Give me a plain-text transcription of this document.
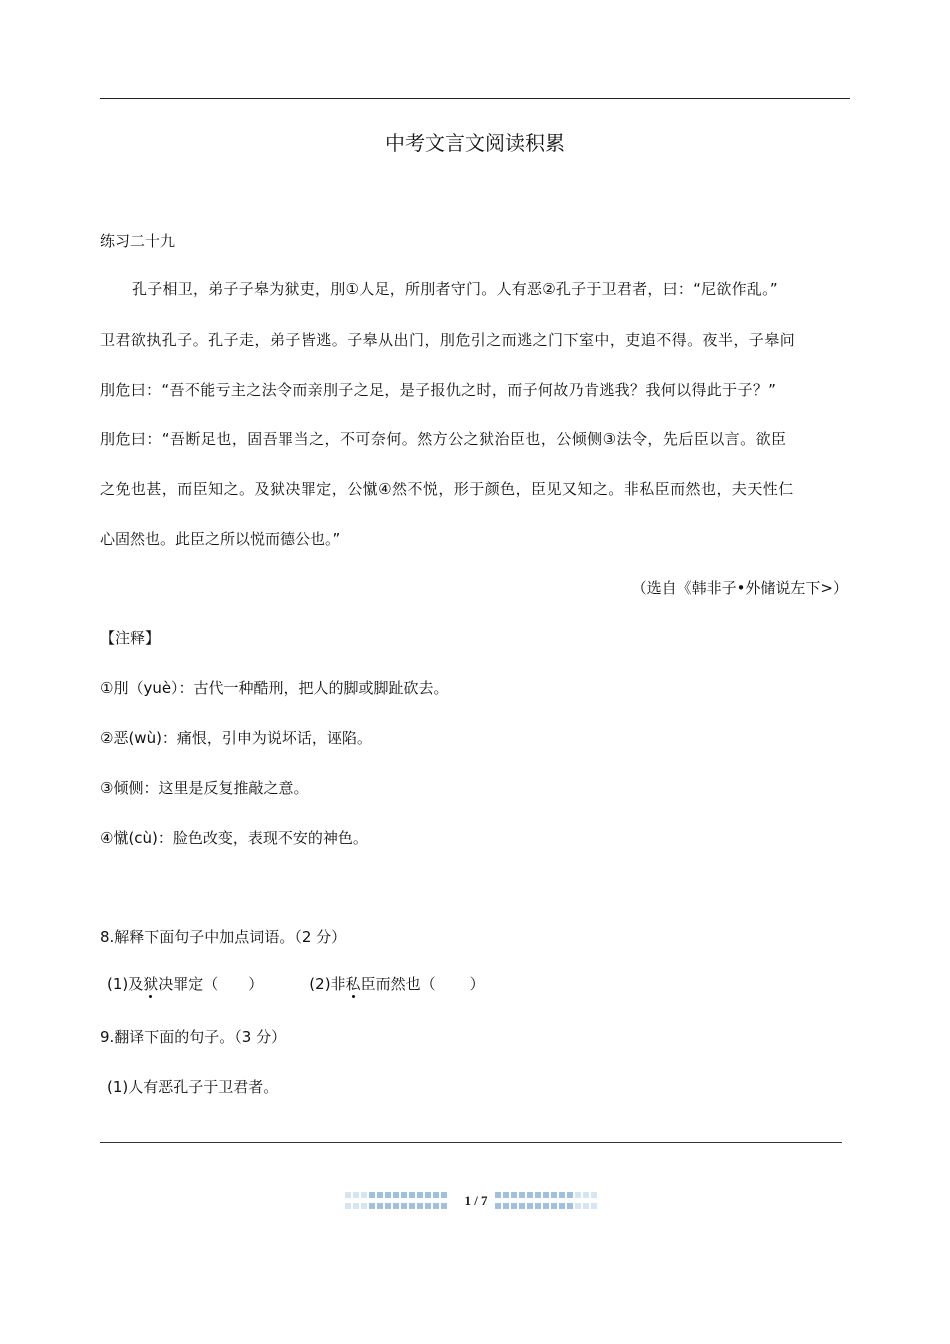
中考文言文阅读积累
练习二十九
孔子相卫，弟子子皋为狱吏，刖①人足，所刖者守门。人有恶②孔子于卫君者，曰：“尼欲作乱。”
卫君欲执孔子。孔子走，弟子皆逃。子皋从出门，刖危引之而逃之门下室中，吏追不得。夜半，子皋问
刖危曰：“吾不能亏主之法令而亲刖子之足，是子报仇之时，而子何故乃肯逃我？我何以得此于子？”
刖危曰：“吾断足也，固吾罪当之，不可奈何。然方公之狱治臣也，公倾侧③法令，先后臣以言。欲臣
之免也甚，而臣知之。及狱决罪定，公憱④然不悦，形于颜色，臣见又知之。非私臣而然也，夫天性仁
心固然也。此臣之所以悦而德公也。”
（选自《韩非子•外储说左下>）
【注释】
①刖（yuè）：古代一种酷刑，把人的脚或脚趾砍去。
②恶(wù)：痛恨，引申为说坏话，诬陷。
③倾侧：这里是反复推敲之意。
④憱(cù)：脸色改变，表现不安的神色。
8.解释下面句子中加点词语。（2 分）
(1)及狱决罪定（ ）	(2)非私臣而然也（ ）
9.翻译下面的句子。（3 分）
(1)人有恶孔子于卫君者。
1 / 7
